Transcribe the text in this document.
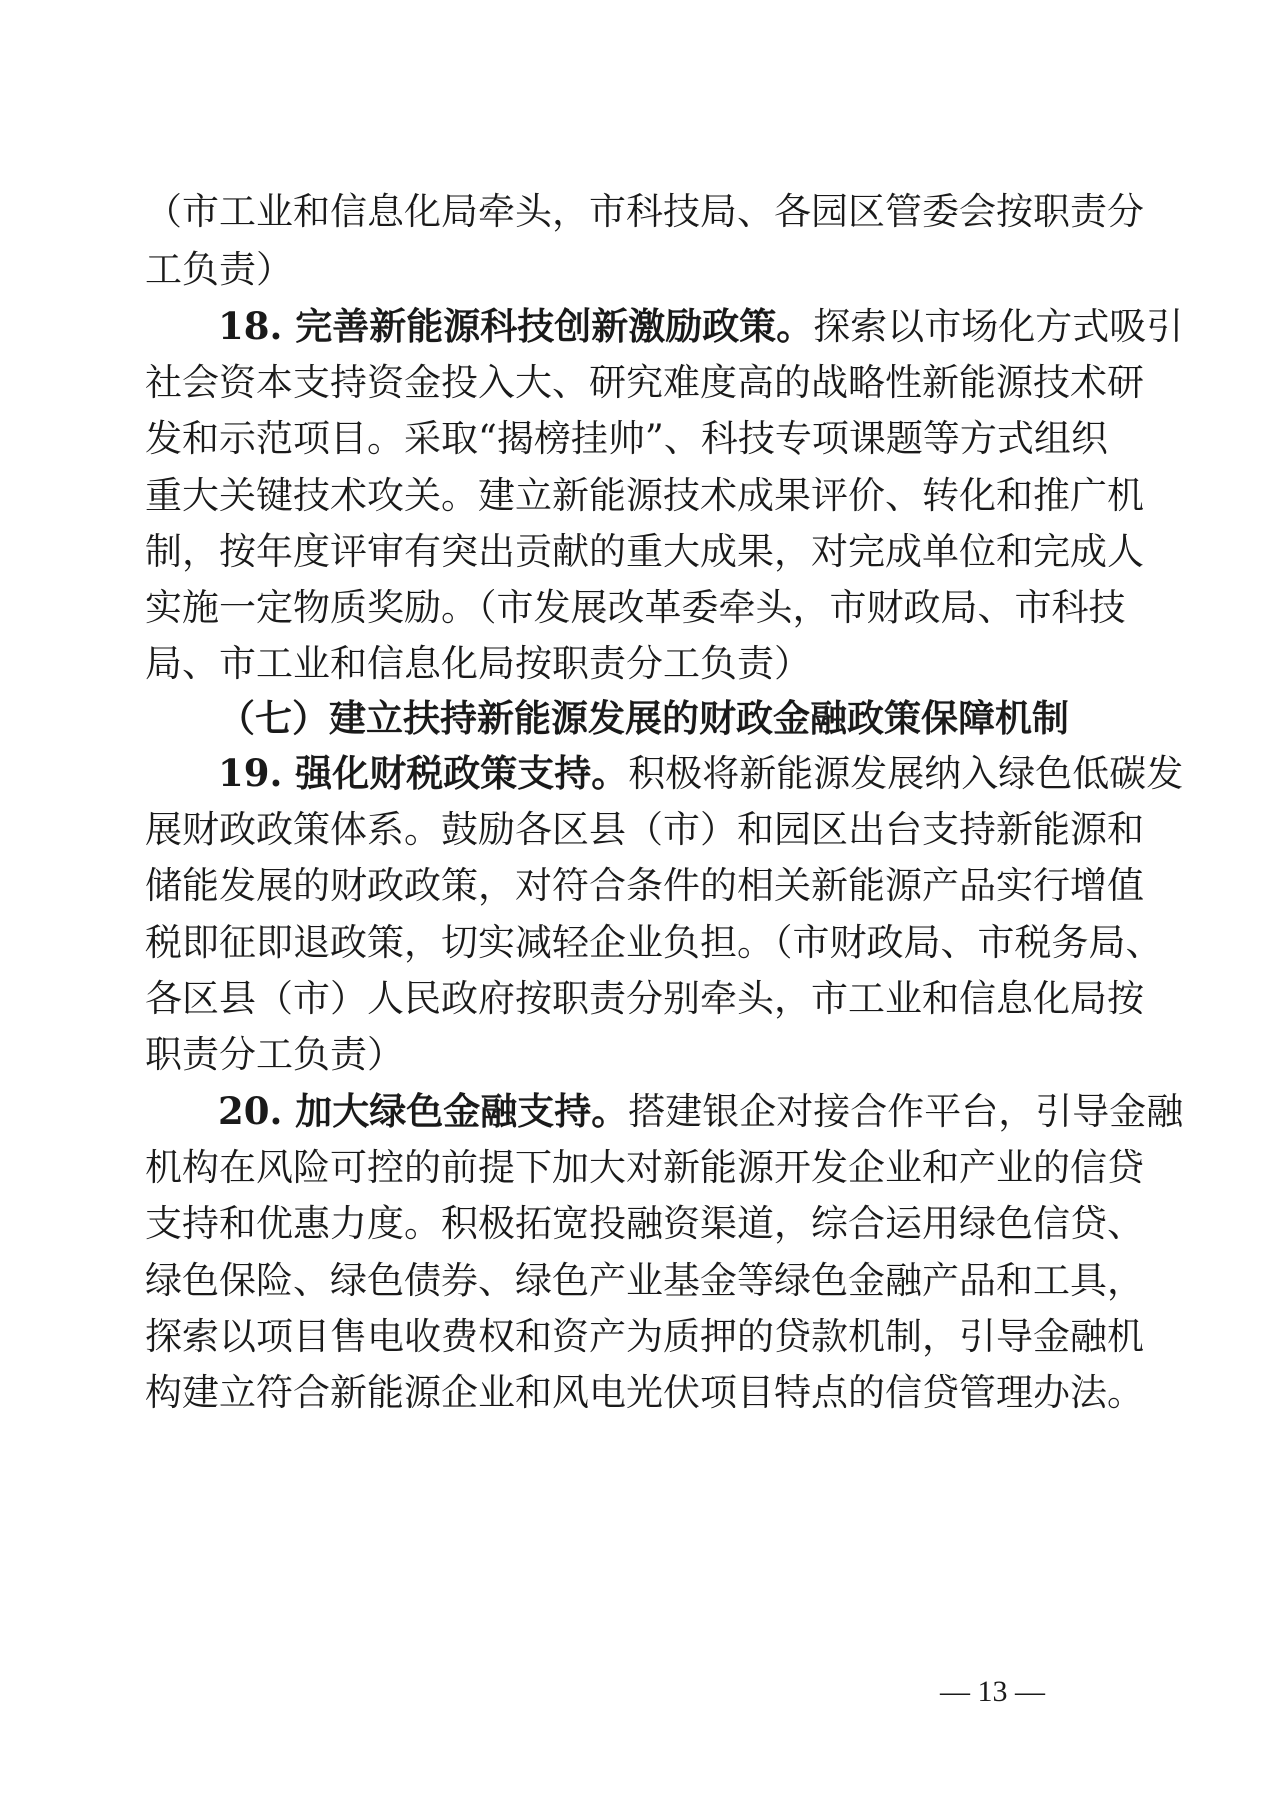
（市工业和信息化局牵头，市科技局、各园区管委会按职责分
工负责）
18. 完善新能源科技创新激励政策。探索以市场化方式吸引
社会资本支持资金投入大、研究难度高的战略性新能源技术研
发和示范项目。采取“揭榜挂帅”、科技专项课题等方式组织
重大关键技术攻关。建立新能源技术成果评价、转化和推广机
制，按年度评审有突出贡献的重大成果，对完成单位和完成人
实施一定物质奖励。（市发展改革委牵头，市财政局、市科技
局、市工业和信息化局按职责分工负责）
（七）建立扶持新能源发展的财政金融政策保障机制
19. 强化财税政策支持。积极将新能源发展纳入绿色低碳发
展财政政策体系。鼓励各区县（市）和园区出台支持新能源和
储能发展的财政政策，对符合条件的相关新能源产品实行增值
税即征即退政策，切实减轻企业负担。（市财政局、市税务局、
各区县（市）人民政府按职责分别牵头，市工业和信息化局按
职责分工负责）
20. 加大绿色金融支持。搭建银企对接合作平台，引导金融
机构在风险可控的前提下加大对新能源开发企业和产业的信贷
支持和优惠力度。积极拓宽投融资渠道，综合运用绿色信贷、
绿色保险、绿色债券、绿色产业基金等绿色金融产品和工具，
探索以项目售电收费权和资产为质押的贷款机制，引导金融机
构建立符合新能源企业和风电光伏项目特点的信贷管理办法。
— 13 —
